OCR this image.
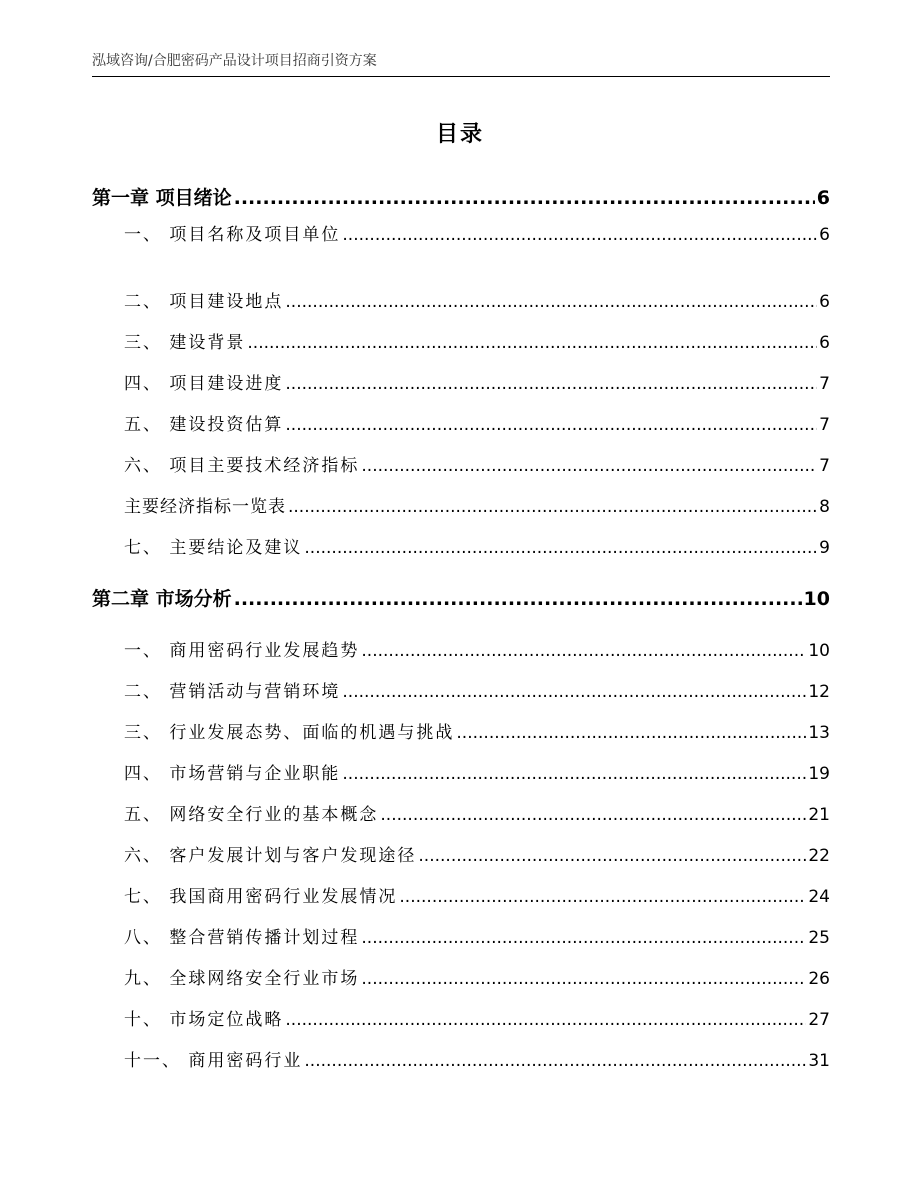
泓域咨询/合肥密码产品设计项目招商引资方案
目录
第一章 项目绪论 .....	6
一、 项目名称及项目单位 .....	6
二、 项目建设地点 .....	6
三、 建设背景 .....	6
四、 项目建设进度 .....	7
五、 建设投资估算 .....	7
六、 项目主要技术经济指标 .....	7
主要经济指标一览表 .....	8
七、 主要结论及建议 .....	9
第二章 市场分析 .....	10
一、 商用密码行业发展趋势 .....	10
二、 营销活动与营销环境 .....	12
三、 行业发展态势、面临的机遇与挑战 .....	13
四、 市场营销与企业职能 .....	19
五、 网络安全行业的基本概念 .....	21
六、 客户发展计划与客户发现途径 .....	22
七、 我国商用密码行业发展情况 .....	24
八、 整合营销传播计划过程 .....	25
九、 全球网络安全行业市场 .....	26
十、 市场定位战略 .....	27
十一、 商用密码行业 .....	31
